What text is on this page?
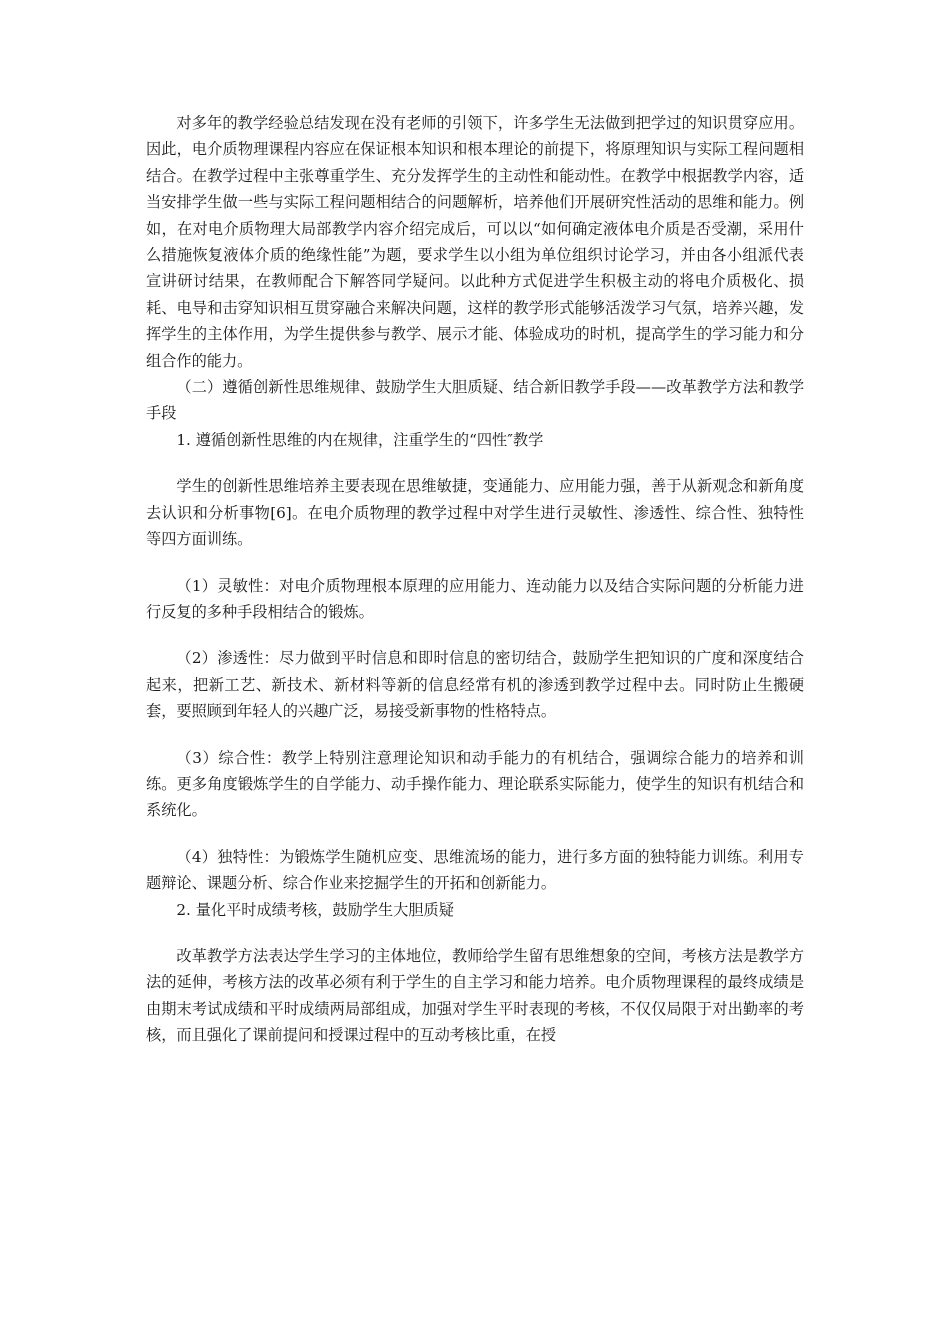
对多年的教学经验总结发现在没有老师的引领下，许多学生无法做到把学过的知识贯穿应用。因此，电介质物理课程内容应在保证根本知识和根本理论的前提下，将原理知识与实际工程问题相结合。在教学过程中主张尊重学生、充分发挥学生的主动性和能动性。在教学中根据教学内容，适当安排学生做一些与实际工程问题相结合的问题解析，培养他们开展研究性活动的思维和能力。例如，在对电介质物理大局部教学内容介绍完成后，可以以“如何确定液体电介质是否受潮，采用什么措施恢复液体介质的绝缘性能”为题，要求学生以小组为单位组织讨论学习，并由各小组派代表宣讲研讨结果，在教师配合下解答同学疑问。以此种方式促进学生积极主动的将电介质极化、损耗、电导和击穿知识相互贯穿融合来解决问题，这样的教学形式能够活泼学习气氛，培养兴趣，发挥学生的主体作用，为学生提供参与教学、展示才能、体验成功的时机，提高学生的学习能力和分组合作的能力。

（二）遵循创新性思维规律、鼓励学生大胆质疑、结合新旧教学手段——改革教学方法和教学手段

1. 遵循创新性思维的内在规律，注重学生的“四性″教学

学生的创新性思维培养主要表现在思维敏捷，变通能力、应用能力强，善于从新观念和新角度去认识和分析事物[6]。在电介质物理的教学过程中对学生进行灵敏性、渗透性、综合性、独特性等四方面训练。

（1）灵敏性：对电介质物理根本原理的应用能力、连动能力以及结合实际问题的分析能力进行反复的多种手段相结合的锻炼。

（2）渗透性：尽力做到平时信息和即时信息的密切结合，鼓励学生把知识的广度和深度结合起来，把新工艺、新技术、新材料等新的信息经常有机的渗透到教学过程中去。同时防止生搬硬套，要照顾到年轻人的兴趣广泛，易接受新事物的性格特点。

（3）综合性：教学上特别注意理论知识和动手能力的有机结合，强调综合能力的培养和训练。更多角度锻炼学生的自学能力、动手操作能力、理论联系实际能力，使学生的知识有机结合和系统化。

（4）独特性：为锻炼学生随机应变、思维流场的能力，进行多方面的独特能力训练。利用专题辩论、课题分析、综合作业来挖掘学生的开拓和创新能力。

2. 量化平时成绩考核，鼓励学生大胆质疑

改革教学方法表达学生学习的主体地位，教师给学生留有思维想象的空间，考核方法是教学方法的延伸，考核方法的改革必须有利于学生的自主学习和能力培养。电介质物理课程的最终成绩是由期末考试成绩和平时成绩两局部组成，加强对学生平时表现的考核，不仅仅局限于对出勤率的考核，而且强化了课前提问和授课过程中的互动考核比重，在授
